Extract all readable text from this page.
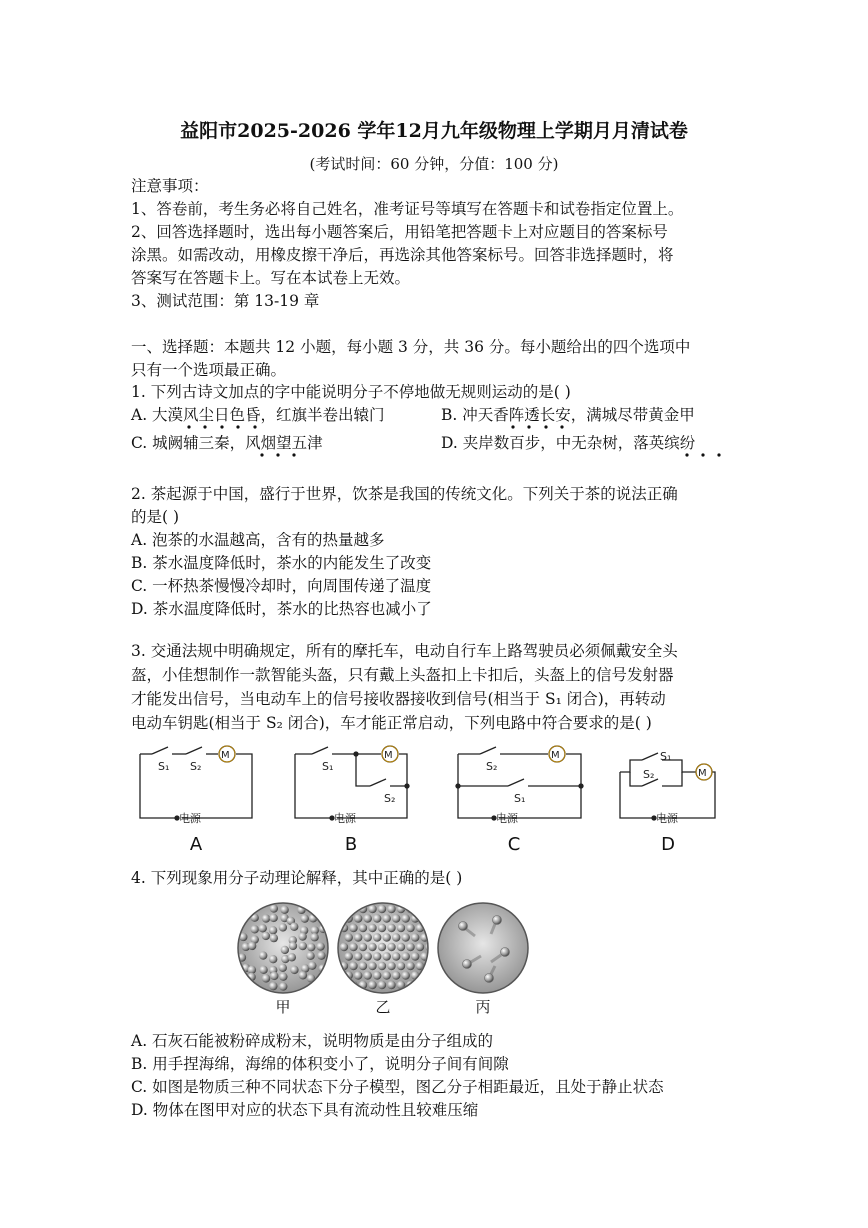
益阳市2025-2026 学年12月九年级物理上学期月月清试卷
(考试时间：60 分钟，分值：100 分)
注意事项：
1、答卷前，考生务必将自己姓名，准考证号等填写在答题卡和试卷指定位置上。
2、回答选择题时，选出每小题答案后，用铅笔把答题卡上对应题目的答案标号
涂黑。如需改动，用橡皮擦干净后，再选涂其他答案标号。回答非选择题时，将
答案写在答题卡上。写在本试卷上无效。
3、测试范围：第 13-19 章
一、选择题：本题共 12 小题，每小题 3 分，共 36 分。每小题给出的四个选项中
只有一个选项最正确。
1. 下列古诗文加点的字中能说明分子不停地做无规则运动的是( )
A. 大漠风尘日色昏，红旗半卷出辕门	B. 冲天香阵透长安，满城尽带黄金甲
C. 城阙辅三秦，风烟望五津	D. 夹岸数百步，中无杂树，落英缤纷
2. 茶起源于中国，盛行于世界，饮茶是我国的传统文化。下列关于茶的说法正确
的是( )
A. 泡茶的水温越高，含有的热量越多
B. 茶水温度降低时，茶水的内能发生了改变
C. 一杯热茶慢慢冷却时，向周围传递了温度
D. 茶水温度降低时，茶水的比热容也减小了
3. 交通法规中明确规定，所有的摩托车，电动自行车上路驾驶员必须佩戴安全头
盔，小佳想制作一款智能头盔，只有戴上头盔扣上卡扣后，头盔上的信号发射器
才能发出信号，当电动车上的信号接收器接收到信号(相当于 S₁ 闭合)，再转动
电动车钥匙(相当于 S₂ 闭合)，车才能正常启动，下列电路中符合要求的是( )
M	M	M
M
S₁ S₂	S₁
S₂
S₂
S₁
S₁
S₂
电源	电源	电源	电源
A	B	C	D
4. 下列现象用分子动理论解释，其中正确的是( )
甲	乙	丙
A. 石灰石能被粉碎成粉末，说明物质是由分子组成的
B. 用手捏海绵，海绵的体积变小了，说明分子间有间隙
C. 如图是物质三种不同状态下分子模型，图乙分子相距最近，且处于静止状态
D. 物体在图甲对应的状态下具有流动性且较难压缩
